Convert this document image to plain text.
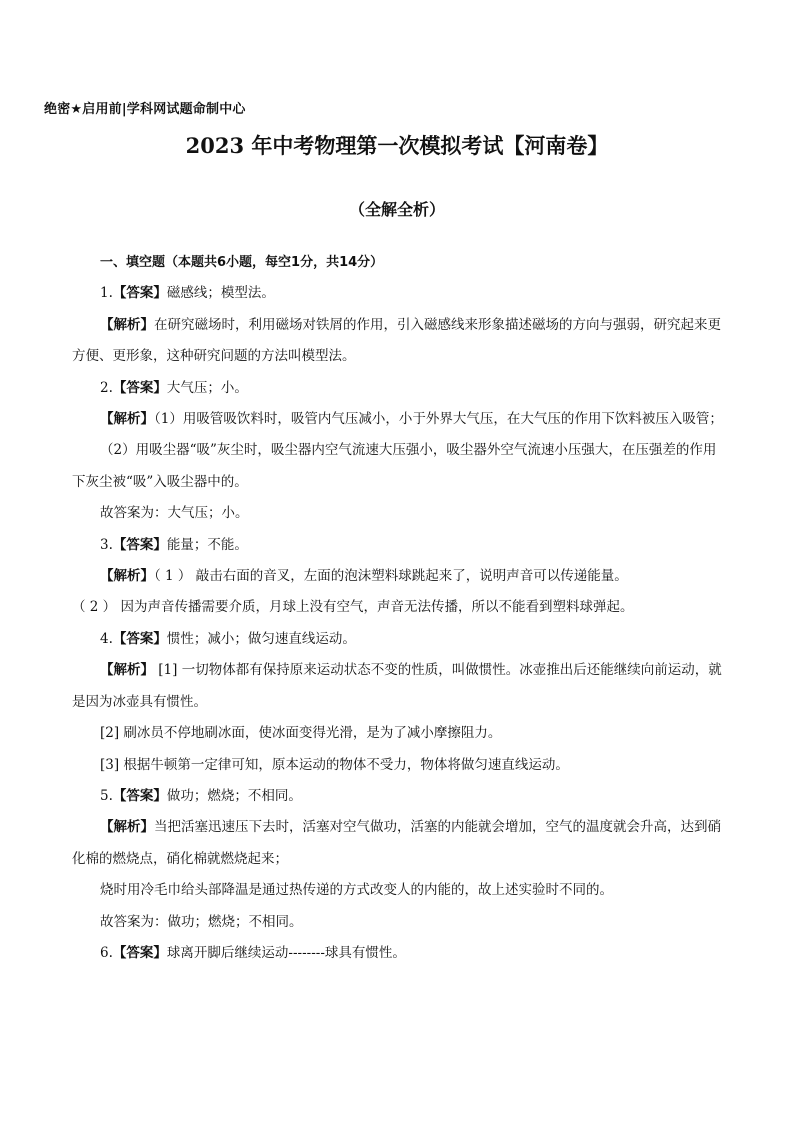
绝密★启用前|学科网试题命制中心
2023 年中考物理第一次模拟考试【河南卷】
（全解全析）

一、填空题（本题共6小题，每空1分，共14分）

1.【答案】磁感线；模型法。

【解析】在研究磁场时，利用磁场对铁屑的作用，引入磁感线来形象描述磁场的方向与强弱，研究起来更方便、更形象，这种研究问题的方法叫模型法。

2.【答案】大气压；小。

【解析】（1）用吸管吸饮料时，吸管内气压减小，小于外界大气压，在大气压的作用下饮料被压入吸管；

（2）用吸尘器“吸”灰尘时，吸尘器内空气流速大压强小，吸尘器外空气流速小压强大，在压强差的作用下灰尘被“吸”入吸尘器中的。

故答案为：大气压；小。

3.【答案】能量；不能。

【解析】（ 1 ） 敲击右面的音叉，左面的泡沫塑料球跳起来了，说明声音可以传递能量。

（ 2 ） 因为声音传播需要介质，月球上没有空气，声音无法传播，所以不能看到塑料球弹起。

4.【答案】惯性；减小；做匀速直线运动。

【解析】 [1] 一切物体都有保持原来运动状态不变的性质，叫做惯性。冰壶推出后还能继续向前运动，就是因为冰壶具有惯性。

[2] 刷冰员不停地刷冰面，使冰面变得光滑，是为了减小摩擦阻力。

[3] 根据牛顿第一定律可知，原本运动的物体不受力，物体将做匀速直线运动。

5.【答案】做功；燃烧；不相同。

【解析】当把活塞迅速压下去时，活塞对空气做功，活塞的内能就会增加，空气的温度就会升高，达到硝化棉的燃烧点，硝化棉就燃烧起来；

烧时用冷毛巾给头部降温是通过热传递的方式改变人的内能的，故上述实验时不同的。

故答案为：做功；燃烧；不相同。

6.【答案】球离开脚后继续运动--------球具有惯性。
